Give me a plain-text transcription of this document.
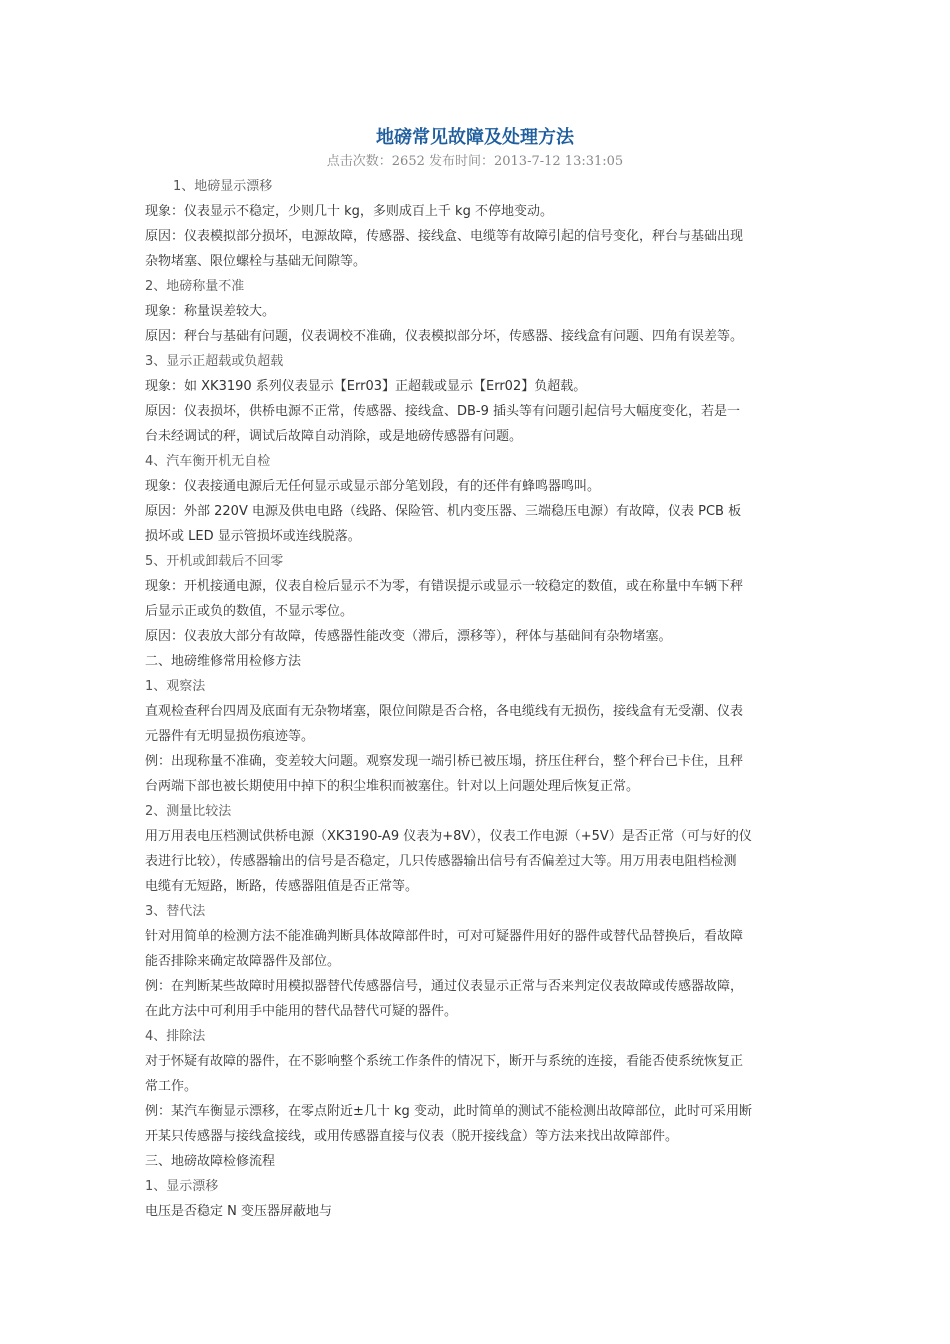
地磅常见故障及处理方法
点击次数：2652 发布时间：2013-7-12 13:31:05
1、地磅显示漂移
现象：仪表显示不稳定，少则几十 kg，多则成百上千 kg 不停地变动。
原因：仪表模拟部分损坏，电源故障，传感器、接线盒、电缆等有故障引起的信号变化，秤台与基础出现
杂物堵塞、限位螺栓与基础无间隙等。
2、地磅称量不准
现象：称量误差较大。
原因：秤台与基础有问题，仪表调校不准确，仪表模拟部分坏，传感器、接线盒有问题、四角有误差等。
3、显示正超载或负超载
现象：如 XK3190 系列仪表显示【Err03】正超载或显示【Err02】负超载。
原因：仪表损坏，供桥电源不正常，传感器、接线盒、DB-9 插头等有问题引起信号大幅度变化，若是一
台未经调试的秤，调试后故障自动消除，或是地磅传感器有问题。
4、汽车衡开机无自检
现象：仪表接通电源后无任何显示或显示部分笔划段，有的还伴有蜂鸣器鸣叫。
原因：外部 220V 电源及供电电路（线路、保险管、机内变压器、三端稳压电源）有故障，仪表 PCB 板
损坏或 LED 显示管损坏或连线脱落。
5、开机或卸载后不回零
现象：开机接通电源，仪表自检后显示不为零，有错误提示或显示一较稳定的数值，或在称量中车辆下秤
后显示正或负的数值，不显示零位。
原因：仪表放大部分有故障，传感器性能改变（滞后，漂移等），秤体与基础间有杂物堵塞。
二、地磅维修常用检修方法
1、观察法
直观检查秤台四周及底面有无杂物堵塞，限位间隙是否合格，各电缆线有无损伤，接线盒有无受潮、仪表
元器件有无明显损伤痕迹等。
例：出现称量不准确，变差较大问题。观察发现一端引桥已被压塌，挤压住秤台，整个秤台已卡住，且秤
台两端下部也被长期使用中掉下的积尘堆积而被塞住。针对以上问题处理后恢复正常。
2、测量比较法
用万用表电压档测试供桥电源（XK3190-A9 仪表为+8V），仪表工作电源（+5V）是否正常（可与好的仪
表进行比较），传感器输出的信号是否稳定，几只传感器输出信号有否偏差过大等。用万用表电阻档检测
电缆有无短路，断路，传感器阻值是否正常等。
3、替代法
针对用简单的检测方法不能准确判断具体故障部件时，可对可疑器件用好的器件或替代品替换后，看故障
能否排除来确定故障器件及部位。
例：在判断某些故障时用模拟器替代传感器信号，通过仪表显示正常与否来判定仪表故障或传感器故障，
在此方法中可利用手中能用的替代品替代可疑的器件。
4、排除法
对于怀疑有故障的器件，在不影响整个系统工作条件的情况下，断开与系统的连接，看能否使系统恢复正
常工作。
例：某汽车衡显示漂移，在零点附近±几十 kg 变动，此时简单的测试不能检测出故障部位，此时可采用断
开某只传感器与接线盒接线，或用传感器直接与仪表（脱开接线盒）等方法来找出故障部件。
三、地磅故障检修流程
1、显示漂移
电压是否稳定 N 变压器屏蔽地与
